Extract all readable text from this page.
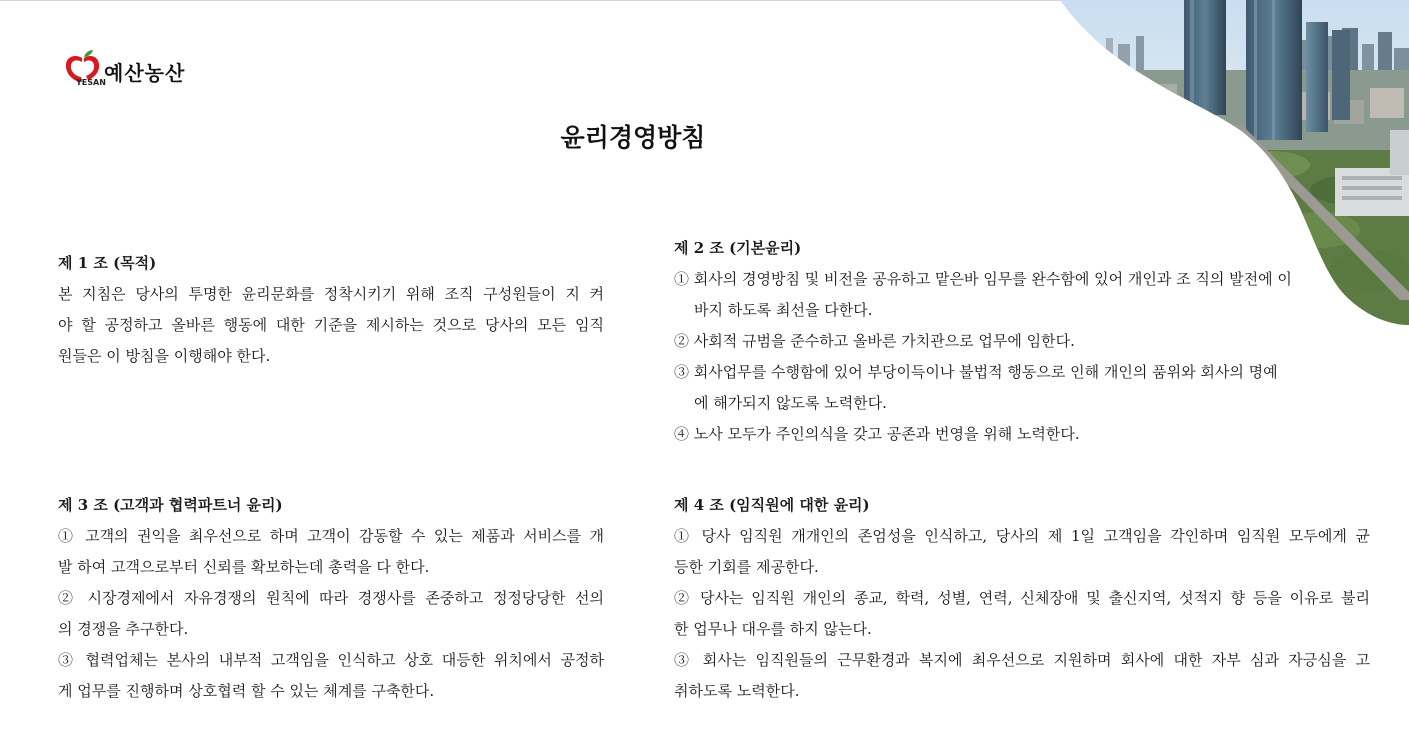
예산농산
YESAN
윤리경영방침
제 1 조 (목적)

본 지침은 당사의 투명한 윤리문화를 정착시키기 위해 조직 구성원들이 지 켜

야 할 공정하고 올바른 행동에 대한 기준을 제시하는 것으로 당사의 모든 임직

원들은 이 방침을 이행해야 한다.

제 2 조 (기본윤리)

① 회사의 경영방침 및 비전을 공유하고 맡은바 임무를 완수함에 있어 개인과 조 직의 발전에 이

바지 하도록 최선을 다한다.

② 사회적 규범을 준수하고 올바른 가치관으로 업무에 임한다.

③ 회사업무를 수행함에 있어 부당이득이나 불법적 행동으로 인해 개인의 품위와 회사의 명예

에 해가되지 않도록 노력한다.

④ 노사 모두가 주인의식을 갖고 공존과 번영을 위해 노력한다.

제 3 조 (고객과 협력파트너 윤리)

① 고객의 권익을 최우선으로 하며 고객이 감동할 수 있는 제품과 서비스를 개

발 하여 고객으로부터 신뢰를 확보하는데 총력을 다 한다.

② 시장경제에서 자유경쟁의 원칙에 따라 경쟁사를 존중하고 정정당당한 선의

의 경쟁을 추구한다.

③ 협력업체는 본사의 내부적 고객임을 인식하고 상호 대등한 위치에서 공정하

게 업무를 진행하며 상호협력 할 수 있는 체계를 구축한다.

제 4 조 (임직원에 대한 윤리)

① 당사 임직원 개개인의 존엄성을 인식하고, 당사의 제 1일 고객임을 각인하며 임직원 모두에게 균

등한 기회를 제공한다.

② 당사는 임직원 개인의 종교, 학력, 성별, 연력, 신체장애 및 출신지역, 섯적지 향 등을 이유로 불리

한 업무나 대우를 하지 않는다.

③ 회사는 임직원들의 근무환경과 복지에 최우선으로 지원하며 회사에 대한 자부 심과 자긍심을 고

취하도록 노력한다.
